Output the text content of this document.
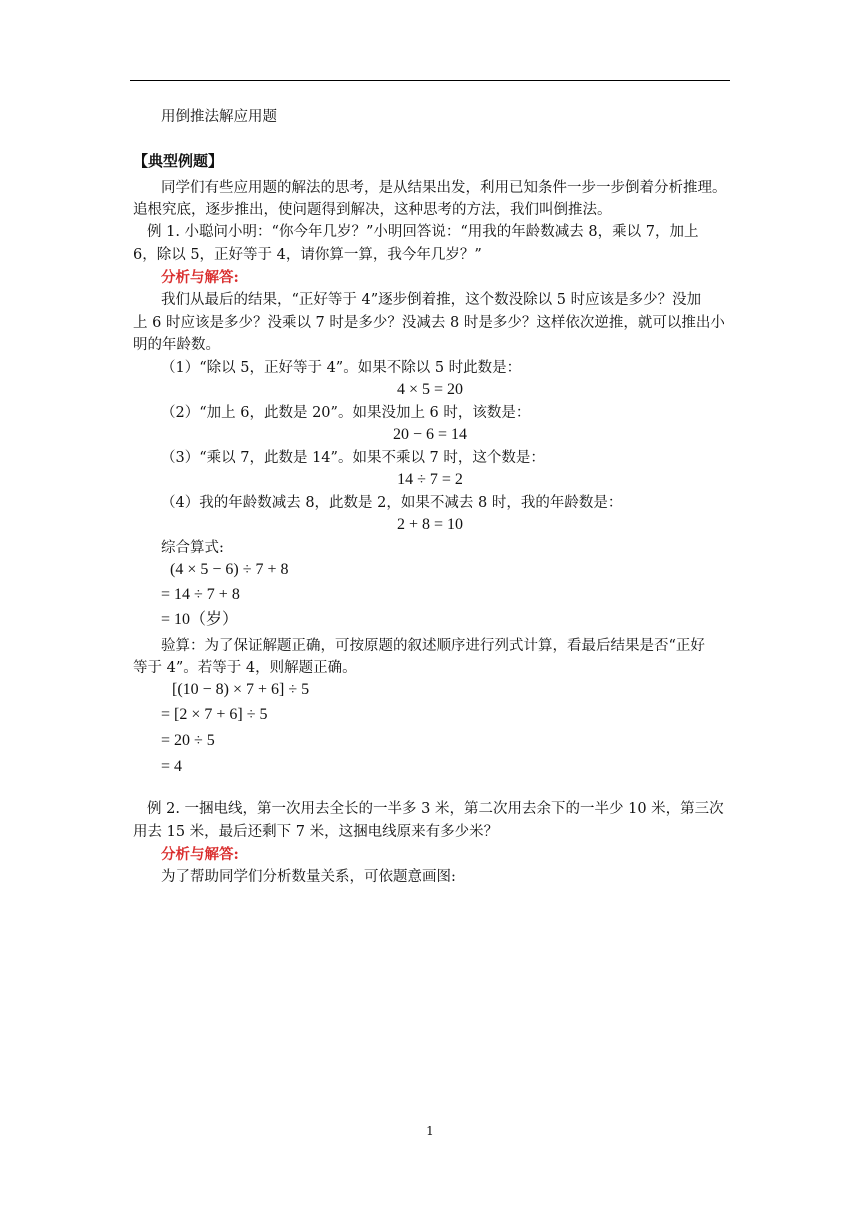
用倒推法解应用题
【典型例题】
同学们有些应用题的解法的思考，是从结果出发，利用已知条件一步一步倒着分析推理。
追根究底，逐步推出，使问题得到解决，这种思考的方法，我们叫倒推法。
例 1. 小聪问小明：“你今年几岁？”小明回答说：“用我的年龄数减去 8，乘以 7，加上
6，除以 5，正好等于 4，请你算一算，我今年几岁？”
分析与解答:
我们从最后的结果，“正好等于 4”逐步倒着推，这个数没除以 5 时应该是多少？没加
上 6 时应该是多少？没乘以 7 时是多少？没减去 8 时是多少？这样依次逆推，就可以推出小
明的年龄数。
（1）“除以 5，正好等于 4”。如果不除以 5 时此数是：
4 × 5 = 20
（2）“加上 6，此数是 20”。如果没加上 6 时，该数是：
20 − 6 = 14
（3）“乘以 7，此数是 14”。如果不乘以 7 时，这个数是：
14 ÷ 7 = 2
（4）我的年龄数减去 8，此数是 2，如果不减去 8 时，我的年龄数是：
2 + 8 = 10
综合算式:
(4 × 5 − 6) ÷ 7 + 8
= 14 ÷ 7 + 8
= 10（岁）
验算：为了保证解题正确，可按原题的叙述顺序进行列式计算，看最后结果是否“正好
等于 4”。若等于 4，则解题正确。
[(10 − 8) × 7 + 6] ÷ 5
= [2 × 7 + 6] ÷ 5
= 20 ÷ 5
= 4
例 2. 一捆电线，第一次用去全长的一半多 3 米，第二次用去余下的一半少 10 米，第三次
用去 15 米，最后还剩下 7 米，这捆电线原来有多少米？
分析与解答:
为了帮助同学们分析数量关系，可依题意画图:
1
